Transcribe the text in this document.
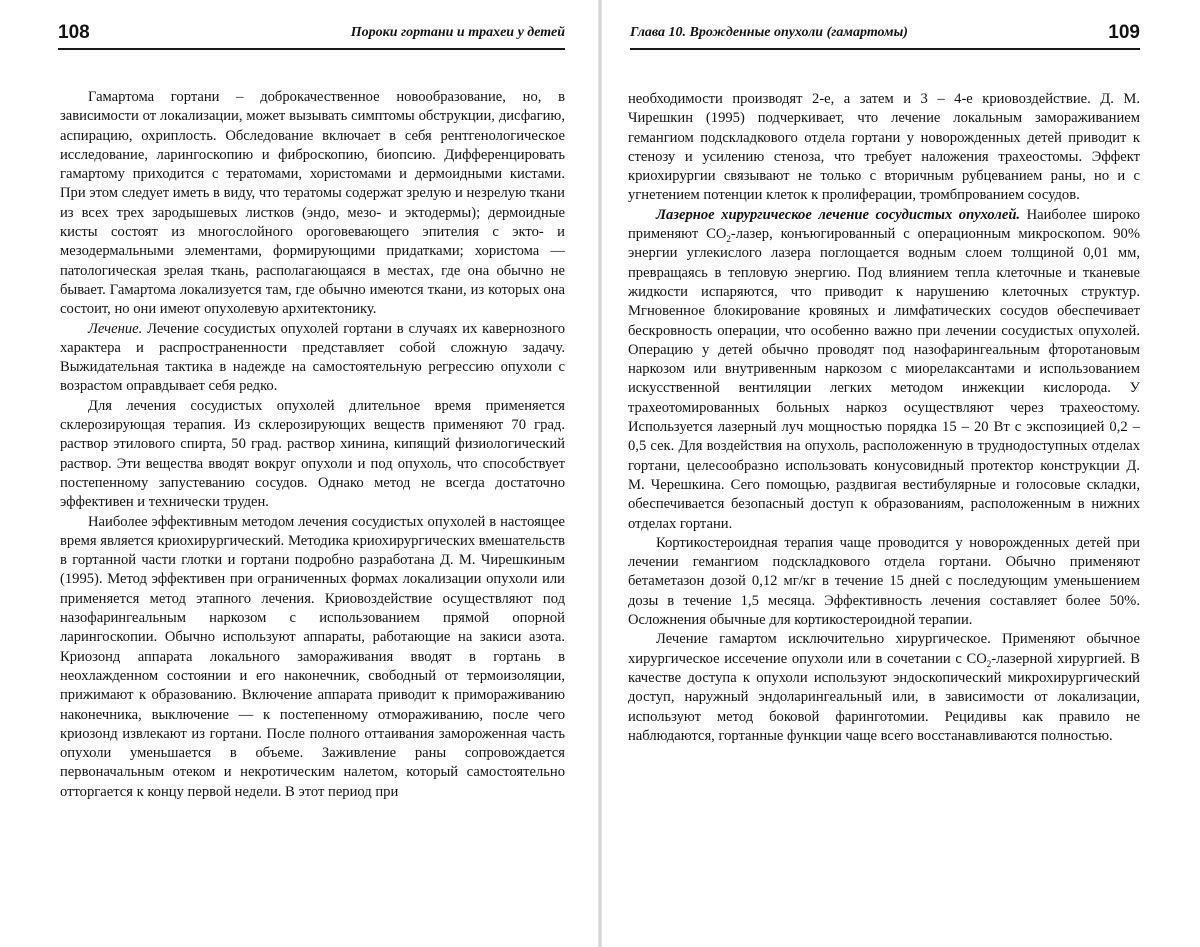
108	Пороки гортани и трахеи у детей

Гамартома гортани – доброкачественное новообразование, но, в зависимости от локализации, может вызывать симптомы обструкции, дисфагию, аспирацию, охриплость. Обследование включает в себя рентгенологическое исследование, ларингоскопию и фиброскопию, биопсию. Дифференцировать гамартому приходится с тератомами, хористомами и дермоидными кистами. При этом следует иметь в виду, что тератомы содержат зрелую и незрелую ткани из всех трех зародышевых листков (эндо, мезо- и эктодермы); дермоидные кисты состоят из многослойного ороговевающего эпителия с экто- и мезодермальными элементами, формирующими придатками; хористома — патологическая зрелая ткань, располагающаяся в местах, где она обычно не бывает. Гамартома локализуется там, где обычно имеются ткани, из которых она состоит, но они имеют опухолевую архитектонику.

Лечение. Лечение сосудистых опухолей гортани в случаях их кавернозного характера и распространенности представляет собой сложную задачу. Выжидательная тактика в надежде на самостоятельную регрессию опухоли с возрастом оправдывает себя редко.

Для лечения сосудистых опухолей длительное время применяется склерозирующая терапия. Из склерозирующих веществ применяют 70 град. раствор этилового спирта, 50 град. раствор хинина, кипящий физиологический раствор. Эти вещества вводят вокруг опухоли и под опухоль, что способствует постепенному запустеванию сосудов. Однако метод не всегда достаточно эффективен и технически труден.

Наиболее эффективным методом лечения сосудистых опухолей в настоящее время является криохирургический. Методика криохирургических вмешательств в гортанной части глотки и гортани подробно разработана Д. М. Чирешкиным (1995). Метод эффективен при ограниченных формах локализации опухоли или применяется метод этапного лечения. Криовоздействие осуществляют под назофарингеальным наркозом с использованием прямой опорной ларингоскопии. Обычно используют аппараты, работающие на закиси азота. Криозонд аппарата локального замораживания вводят в гортань в неохлажденном состоянии и его наконечник, свободный от термоизоляции, прижимают к образованию. Включение аппарата приводит к примораживанию наконечника, выключение — к постепенному отмораживанию, после чего криозонд извлекают из гортани. После полного оттаивания замороженная часть опухоли уменьшается в объеме. Заживление раны сопровождается первоначальным отеком и некротическим налетом, который самостоятельно отторгается к концу первой недели. В этот период при

Глава 10. Врожденные опухоли (гамартомы)	109

необходимости производят 2-е, а затем и 3 – 4-е криовоздействие. Д. М. Чирешкин (1995) подчеркивает, что лечение локальным замораживанием гемангиом подскладкового отдела гортани у новорожденных детей приводит к стенозу и усилению стеноза, что требует наложения трахеостомы. Эффект криохирургии связывают не только с вторичным рубцеванием раны, но и с угнетением потенции клеток к пролиферации, тромбпрованием сосудов.

Лазерное хирургическое лечение сосудистых опухолей. Наиболее широко применяют $CO_2$-лазер, конъюгированный с операционным микроскопом. 90% энергии углекислого лазера поглощается водным слоем толщиной 0,01 мм, превращаясь в тепловую энергию. Под влиянием тепла клеточные и тканевые жидкости испаряются, что приводит к нарушению клеточных структур. Мгновенное блокирование кровяных и лимфатических сосудов обеспечивает бескровность операции, что особенно важно при лечении сосудистых опухолей. Операцию у детей обычно проводят под назофарингеальным фторотановым наркозом или внутривенным наркозом с миорелаксантами и использованием искусственной вентиляции легких методом инжекции кислорода. У трахеотомированных больных наркоз осуществляют через трахеостому. Используется лазерный луч мощностью порядка 15 – 20 Вт с экспозицией 0,2 – 0,5 сек. Для воздействия на опухоль, расположенную в труднодоступных отделах гортани, целесообразно использовать конусовидный протектор конструкции Д. М. Черешкина. Сего помощью, раздвигая вестибулярные и голосовые складки, обеспечивается безопасный доступ к образованиям, расположенным в нижних отделах гортани.

Кортикостероидная терапия чаще проводится у новорожденных детей при лечении гемангиом подскладкового отдела гортани. Обычно применяют бетаметазон дозой 0,12 мг/кг в течение 15 дней с последующим уменьшением дозы в течение 1,5 месяца. Эффективность лечения составляет более 50%. Осложнения обычные для кортикостероидной терапии.

Лечение гамартом исключительно хирургическое. Применяют обычное хирургическое иссечение опухоли или в сочетании с $CO_2$-лазерной хирургией. В качестве доступа к опухоли используют эндоскопический микрохирургический доступ, наружный эндоларингеальный или, в зависимости от локализации, используют метод боковой фаринготомии. Рецидивы как правило не наблюдаются, гортанные функции чаще всего восстанавливаются полностью.
